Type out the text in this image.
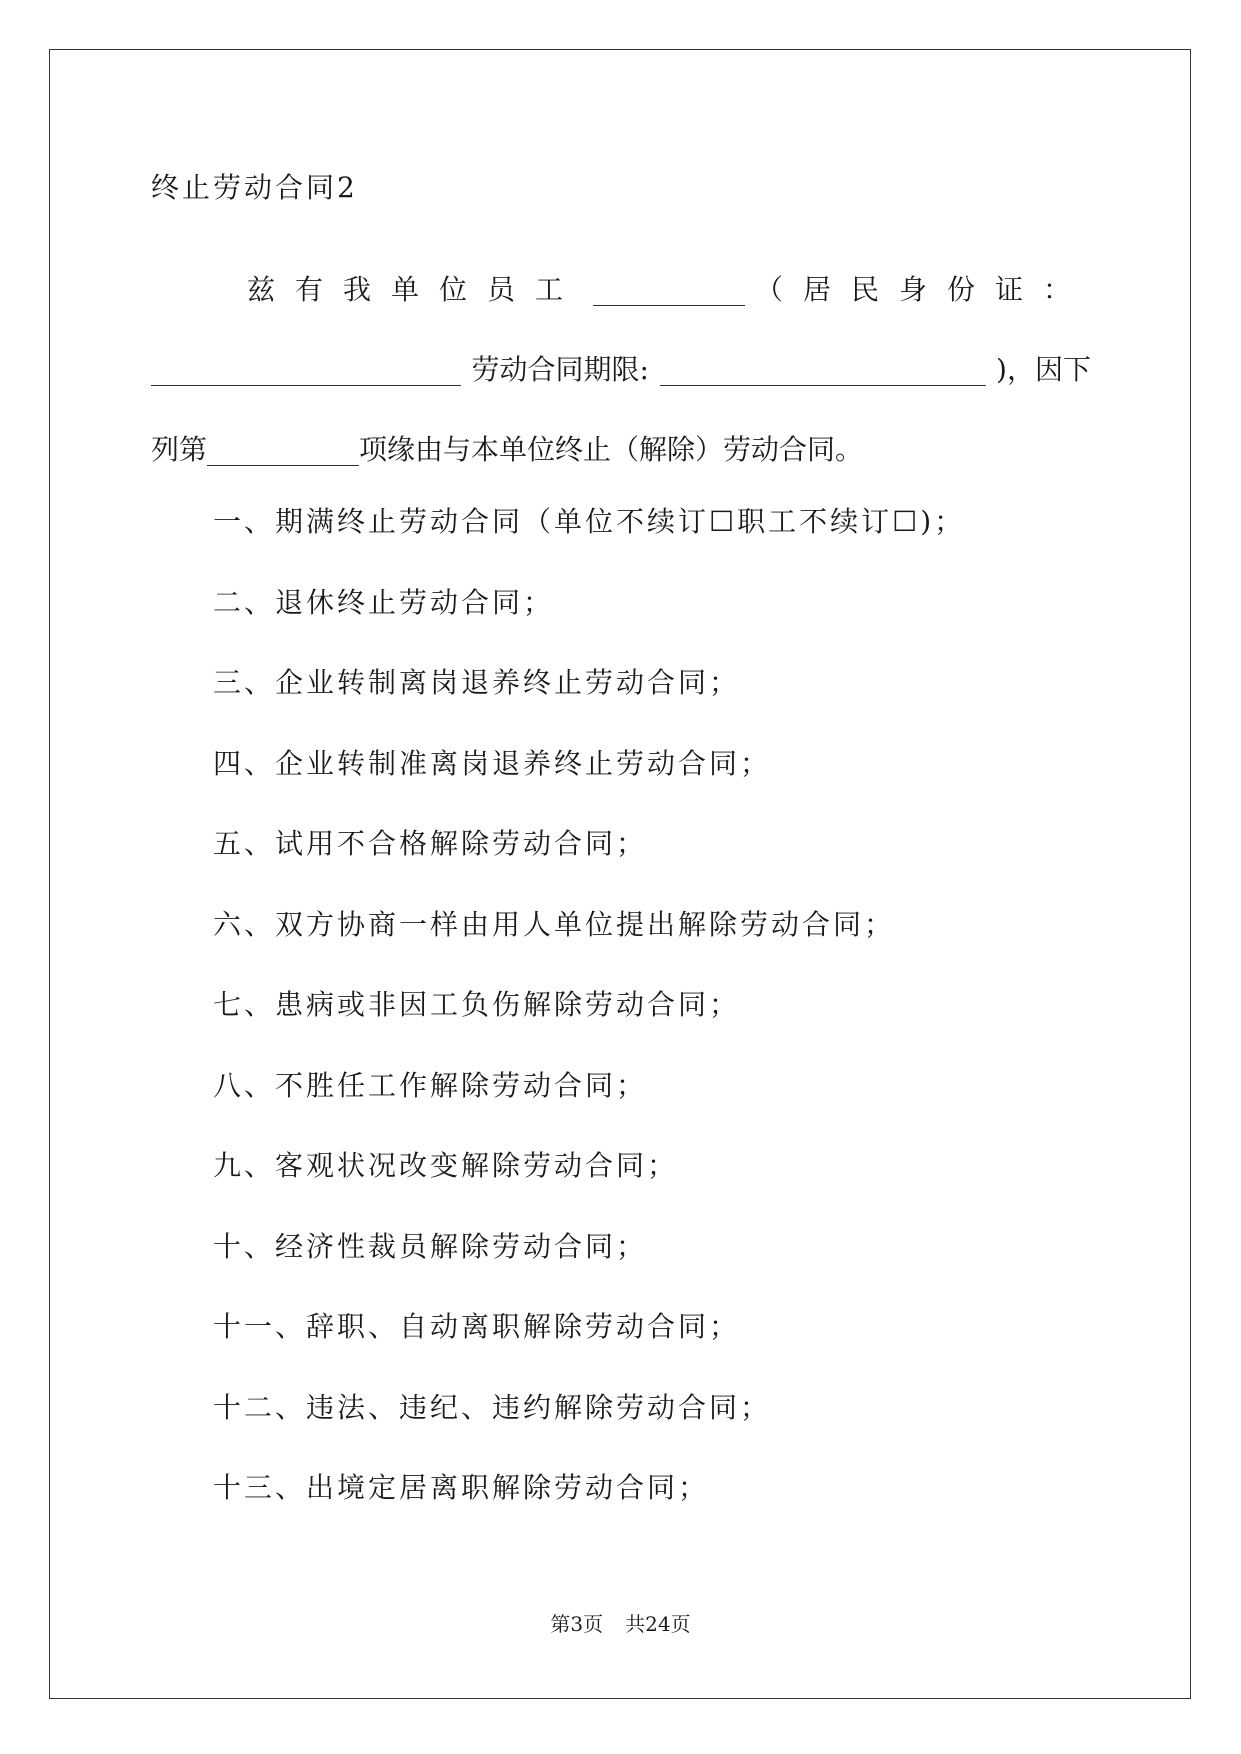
终止劳动合同2
兹有我单位员工	（居民身份证：
劳动合同期限:	)，因下
列第	项缘由与本单位终止（解除）劳动合同。
一、期满终止劳动合同（单位不续订☐职工不续订☐)；
二、退休终止劳动合同；
三、企业转制离岗退养终止劳动合同；
四、企业转制准离岗退养终止劳动合同；
五、试用不合格解除劳动合同；
六、双方协商一样由用人单位提出解除劳动合同；
七、患病或非因工负伤解除劳动合同；
八、不胜任工作解除劳动合同；
九、客观状况改变解除劳动合同；
十、经济性裁员解除劳动合同；
十一、辞职、自动离职解除劳动合同；
十二、违法、违纪、违约解除劳动合同；
十三、出境定居离职解除劳动合同；
第3页 共24页
